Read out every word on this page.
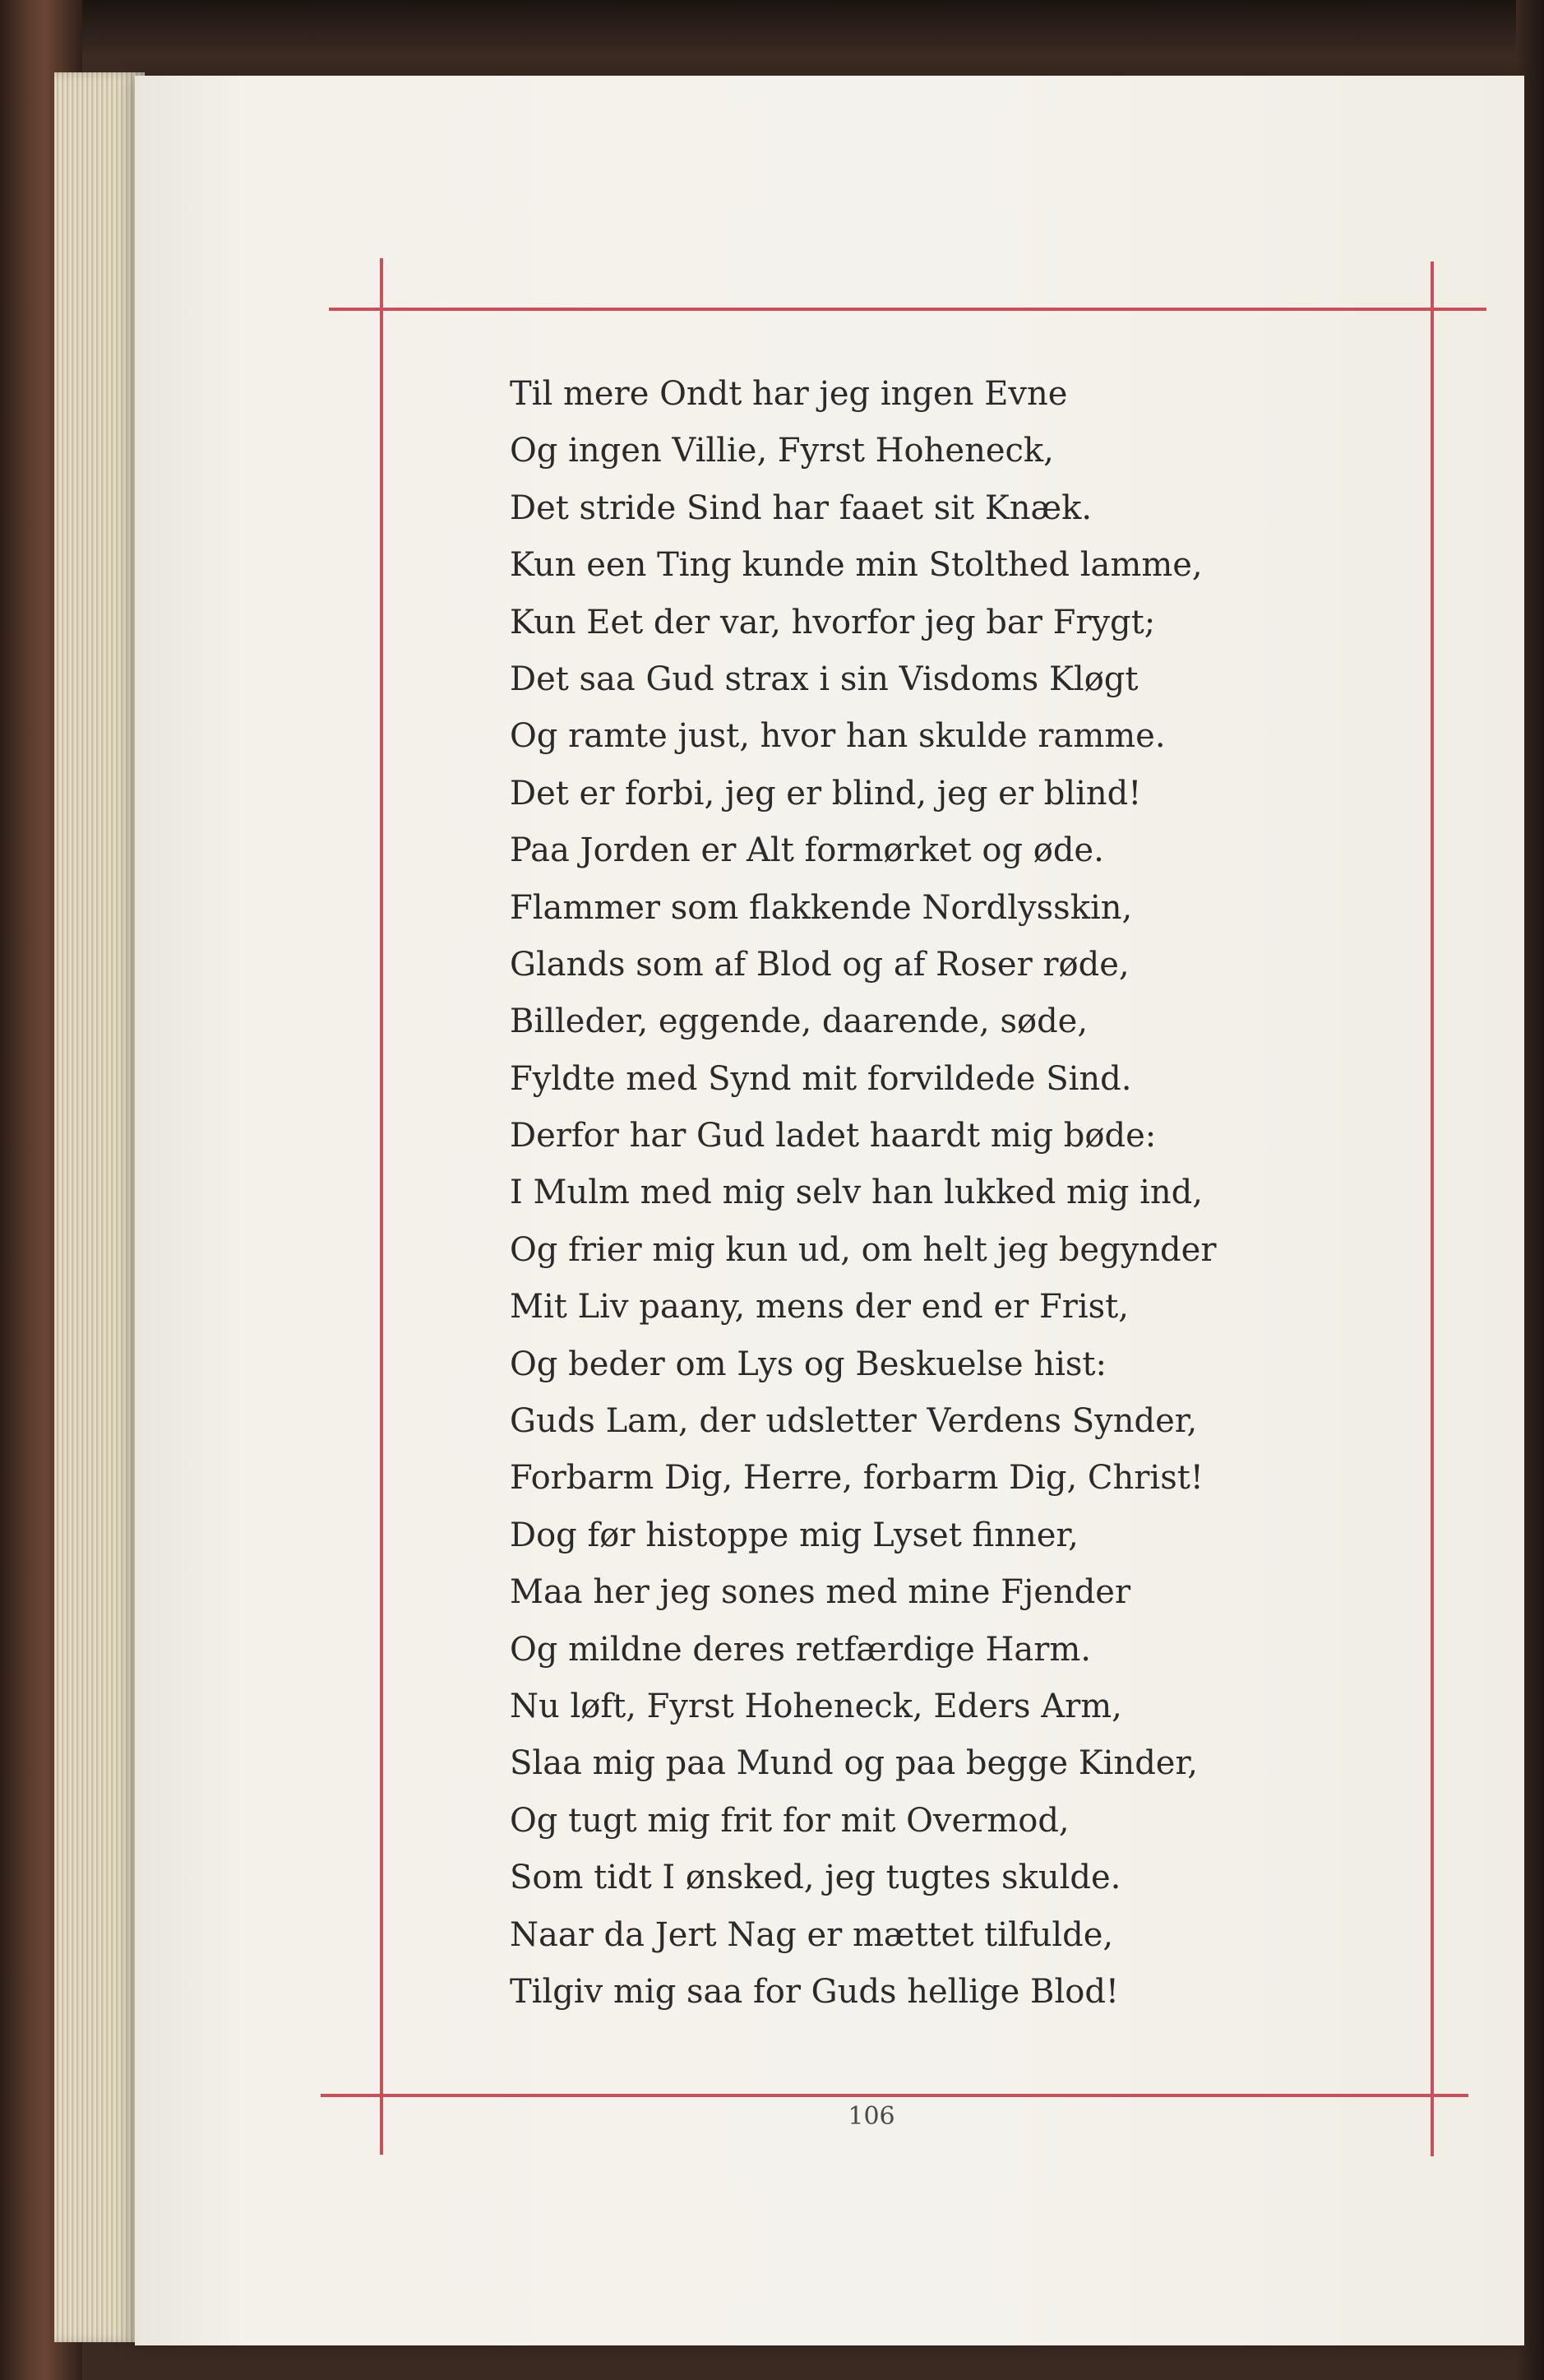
Til mere Ondt har jeg ingen Evne
Og ingen Villie, Fyrst Hoheneck,
Det stride Sind har faaet sit Knæk.
Kun een Ting kunde min Stolthed lamme,
Kun Eet der var, hvorfor jeg bar Frygt;
Det saa Gud strax i sin Visdoms Kløgt
Og ramte just, hvor han skulde ramme.
Det er forbi, jeg er blind, jeg er blind!
Paa Jorden er Alt formørket og øde.
Flammer som flakkende Nordlysskin,
Glands som af Blod og af Roser røde,
Billeder, eggende, daarende, søde,
Fyldte med Synd mit forvildede Sind.
Derfor har Gud ladet haardt mig bøde:
I Mulm med mig selv han lukked mig ind,
Og frier mig kun ud, om helt jeg begynder
Mit Liv paany, mens der end er Frist,
Og beder om Lys og Beskuelse hist:
Guds Lam, der udsletter Verdens Synder,
Forbarm Dig, Herre, forbarm Dig, Christ!
Dog før histoppe mig Lyset finner,
Maa her jeg sones med mine Fjender
Og mildne deres retfærdige Harm.
Nu løft, Fyrst Hoheneck, Eders Arm,
Slaa mig paa Mund og paa begge Kinder,
Og tugt mig frit for mit Overmod,
Som tidt I ønsked, jeg tugtes skulde.
Naar da Jert Nag er mættet tilfulde,
Tilgiv mig saa for Guds hellige Blod!
106
